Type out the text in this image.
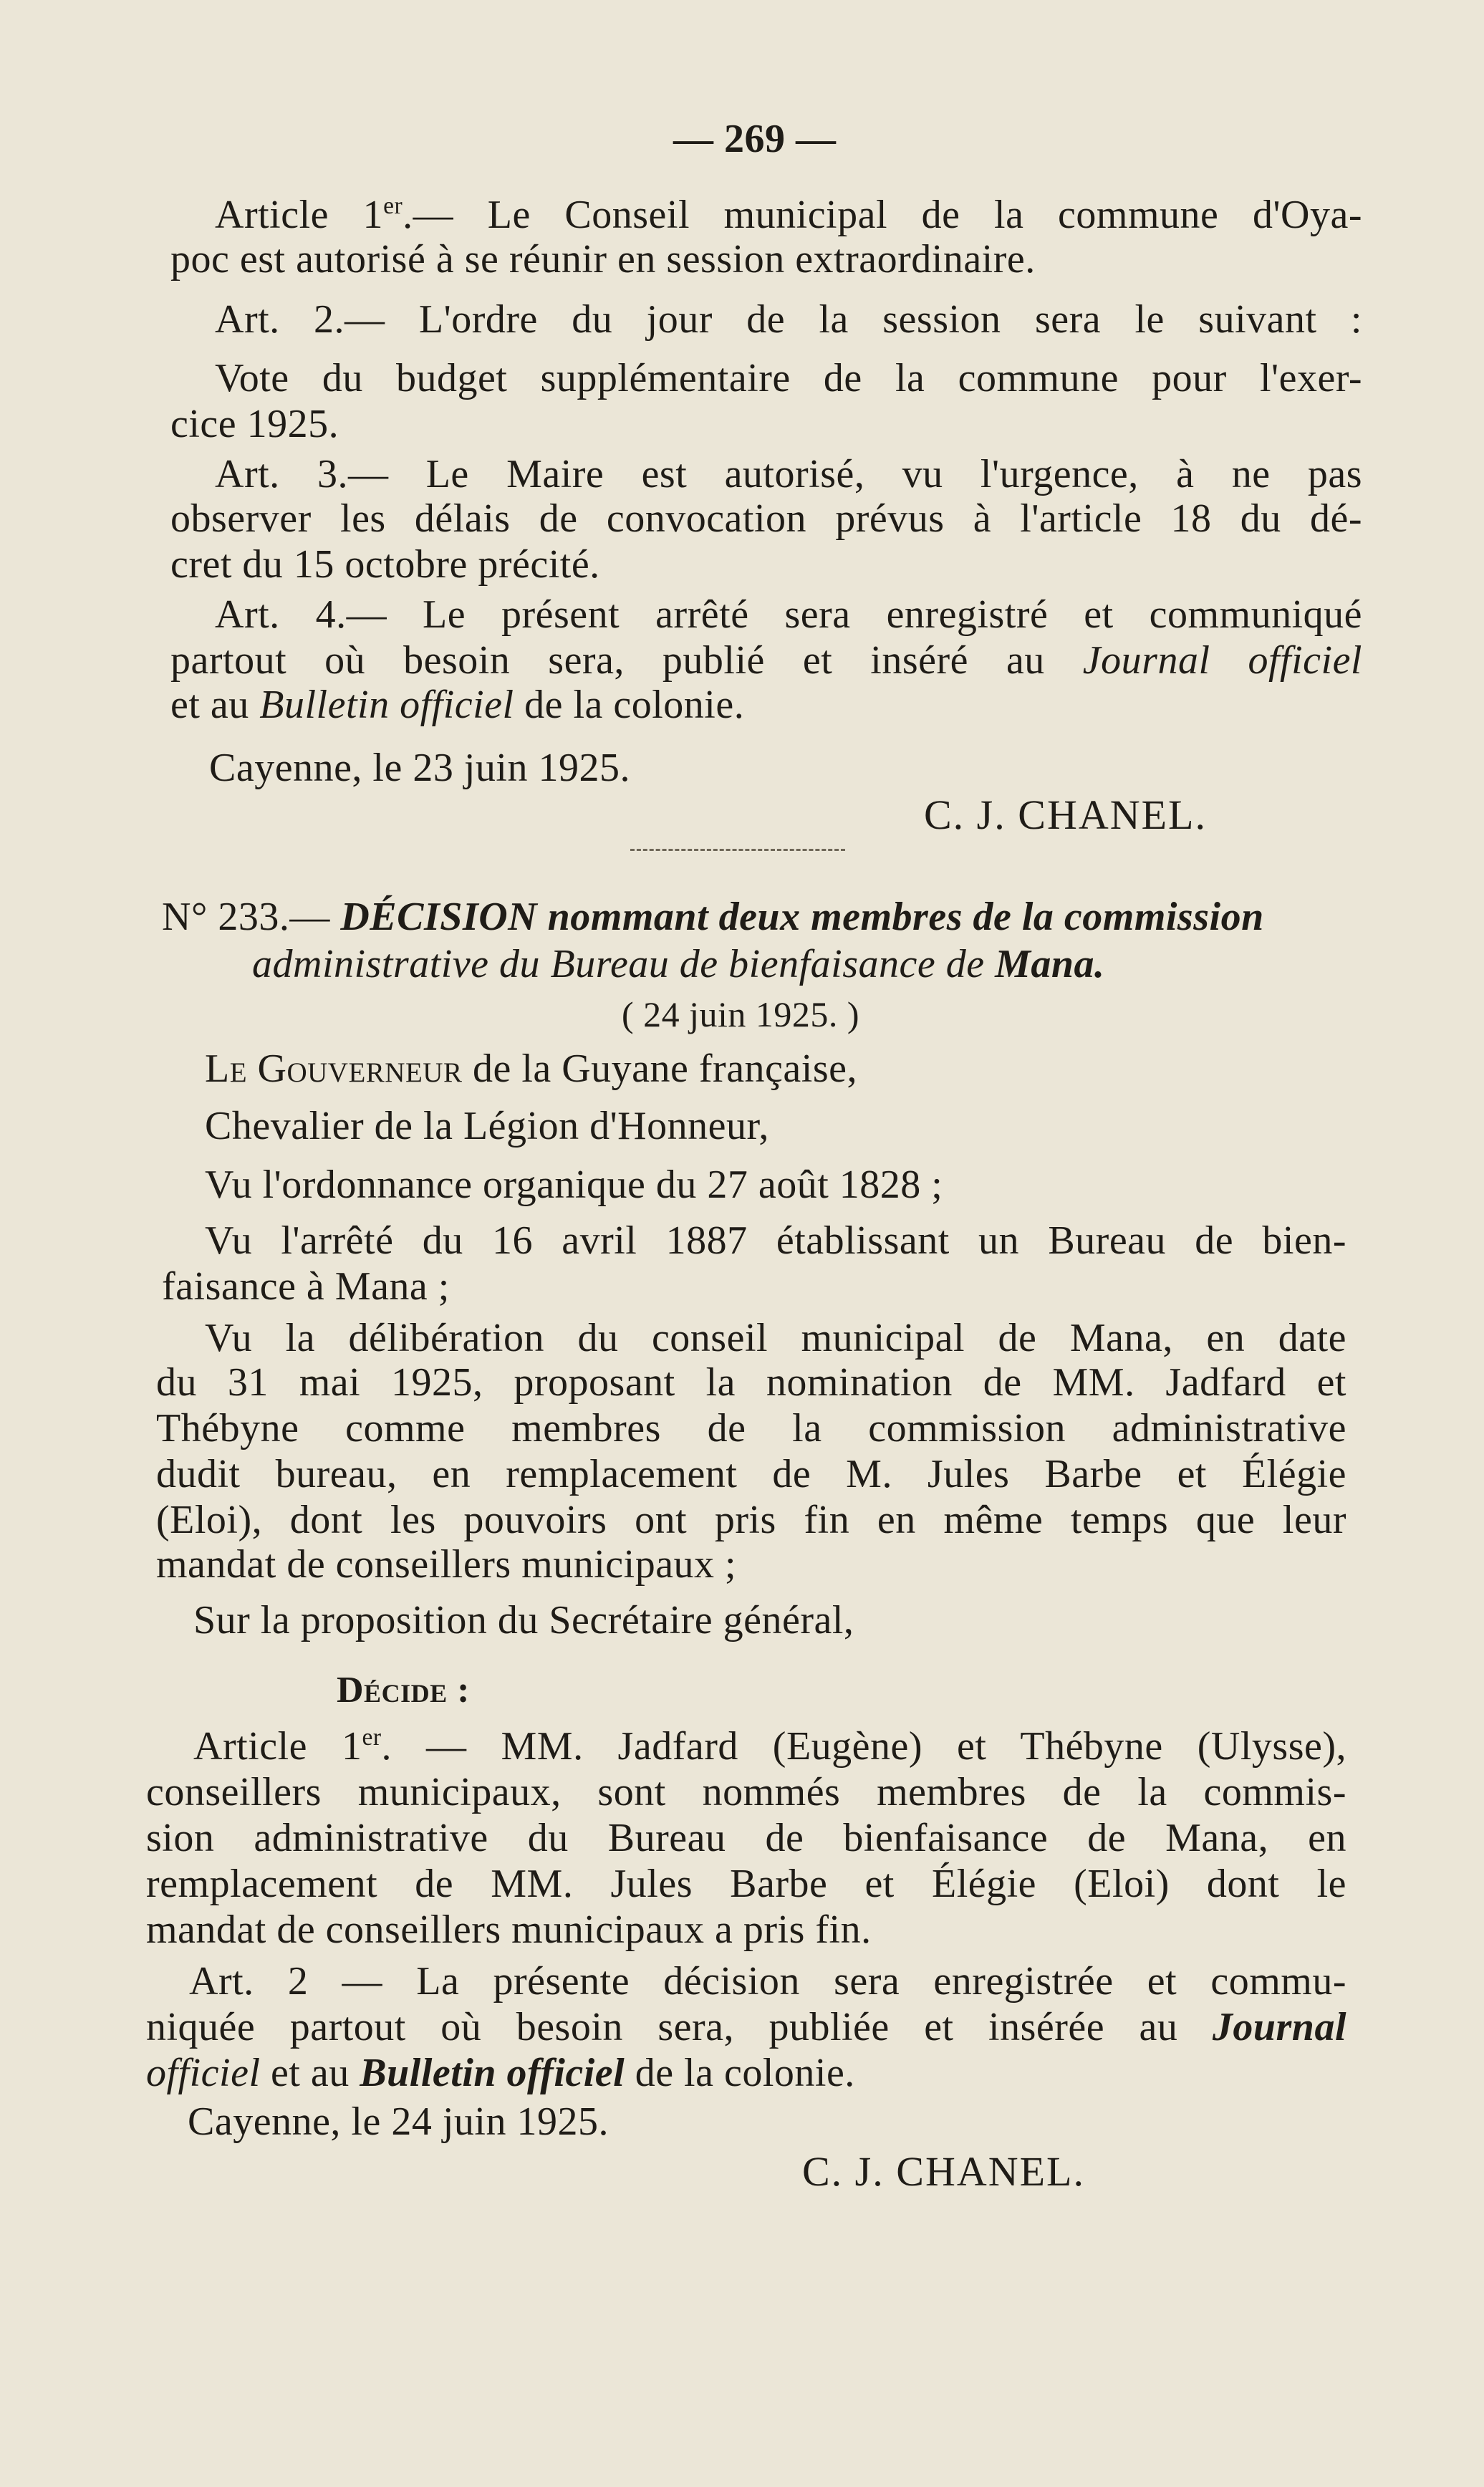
— 269 —
Article 1er.— Le Conseil municipal de la commune d'Oya-
poc est autorisé à se réunir en session extraordinaire.
Art. 2.— L'ordre du jour de la session sera le suivant :
Vote du budget supplémentaire de la commune pour l'exer-
cice 1925.
Art. 3.— Le Maire est autorisé, vu l'urgence, à ne pas
observer les délais de convocation prévus à l'article 18 du dé-
cret du 15 octobre précité.
Art. 4.— Le présent arrêté sera enregistré et communiqué
partout où besoin sera, publié et inséré au Journal officiel
et au Bulletin officiel de la colonie.
Cayenne, le 23 juin 1925.
C. J. CHANEL.
N° 233.— DÉCISION nommant deux membres de la commission
administrative du Bureau de bienfaisance de Mana.
( 24 juin 1925. )
Le Gouverneur de la Guyane française,
Chevalier de la Légion d'Honneur,
Vu l'ordonnance organique du 27 août 1828 ;
Vu l'arrêté du 16 avril 1887 établissant un Bureau de bien-
faisance à Mana ;
Vu la délibération du conseil municipal de Mana, en date
du 31 mai 1925, proposant la nomination de MM. Jadfard et
Thébyne comme membres de la commission administrative
dudit bureau, en remplacement de M. Jules Barbe et Élégie
(Eloi), dont les pouvoirs ont pris fin en même temps que leur
mandat de conseillers municipaux ;
Sur la proposition du Secrétaire général,
Décide :
Article 1er. — MM. Jadfard (Eugène) et Thébyne (Ulysse),
conseillers municipaux, sont nommés membres de la commis-
sion administrative du Bureau de bienfaisance de Mana, en
remplacement de MM. Jules Barbe et Élégie (Eloi) dont le
mandat de conseillers municipaux a pris fin.
Art. 2 — La présente décision sera enregistrée et commu-
niquée partout où besoin sera, publiée et insérée au Journal
officiel et au Bulletin officiel de la colonie.
Cayenne, le 24 juin 1925.
C. J. CHANEL.
